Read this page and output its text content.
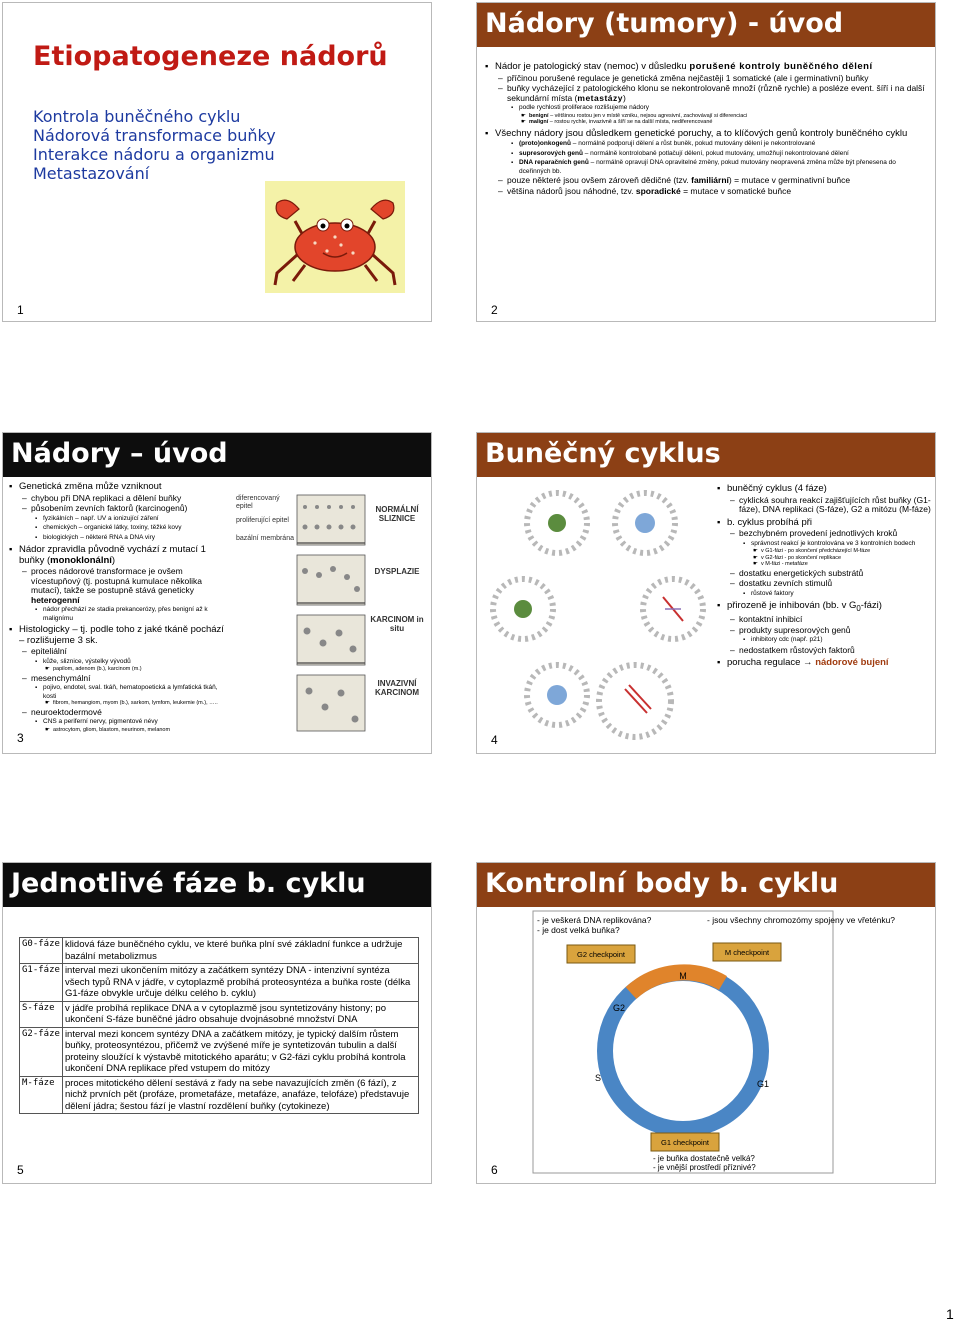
Etiopatogeneze nádorů
Kontrola buněčného cyklu
Nádorová transformace buňky
Interakce nádoru a organizmu
Metastazování
1
Nádory (tumory) - úvod

▪ Nádor je patologický stav (nemoc) v důsledku porušené kontroly buněčného dělení

– příčinou porušené regulace je genetická změna nejčastěji 1 somatické (ale i germinativní) buňky

– buňky vycházející z patologického klonu se nekontrolovaně množí (různě rychle) a posléze event. šíří i na další sekundární místa (metastázy)

▪ podle rychlosti proliferace rozlišujeme nádory

☛ benigní – většinou rostou jen v místě vzniku, nejsou agresivní, zachovávají si diferenciaci

☛ maligní – rostou rychle, invazivně a šíří se na další místa, nediferencované

▪ Všechny nádory jsou důsledkem genetické poruchy, a to klíčových genů kontroly buněčného cyklu

▪ (proto)onkogenů – normálně podporují dělení a růst buněk, pokud mutovány dělení je nekontrolované

▪ supresorových genů – normálně kontrolobaně potlačují dělení, pokud mutovány, umožňují nekontrolované dělení

▪ DNA reparačních genů – normálně opravují DNA opravitelné změny, pokud mutovány neopravená změna může být přenesena do dceřinných bb.

– pouze některé jsou ovšem zároveň dědičné (tzv. familiární) = mutace v germinativní buňce

– většina nádorů jsou náhodné, tzv. sporadické = mutace v somatické buňce

2
Nádory – úvod

▪ Genetická změna může vzniknout

– chybou při DNA replikaci a dělení buňky

– působením zevních faktorů (karcinogenů)

▪ fyzikálních – např. UV a ionizující záření

▪ chemických – organické látky, toxiny, těžké kovy

▪ biologických – některé RNA a DNA viry

▪ Nádor zpravidla původně vychází z mutací 1 buňky (monoklonální)

– proces nádorové transformace je ovšem vícestupňový (tj. postupná kumulace několika mutací), takže se postupně stává geneticky heterogenní

▪ nádor přechází ze stadia prekancerózy, přes benigní až k malignímu

▪ Histologicky – tj. podle toho z jaké tkáně pochází – rozlišujeme 3 sk.

– epiteliální

▪ kůže, sliznice, výstelky vývodů

☛ papilom, adenom (b.), karcinom (m.)

– mesenchymální

▪ pojivo, endotel, sval. tkáň, hematopoetická a lymfatická tkáň, kosti

☛ fibrom, hemangiom, myom (b.), sarkom, lymfom, leukemie (m.), …..

– neuroektodermové

▪ CNS a periferní nervy, pigmentové névy

☛ astrocytom, gliom, blastom, neurinom, melanom

diferencovaný epitel
proliferující epitel
bazální membrána
NORMÁLNÍ SLIZNICE
DYSPLAZIE
KARCINOM in situ
INVAZIVNÍ KARCINOM
3
Buněčný cyklus

▪ buněčný cyklus (4 fáze)

– cyklická souhra reakcí zajišťujících růst buňky (G1-fáze), DNA replikaci (S-fáze), G2 a mitózu (M-fáze)

▪ b. cyklus probíhá při

– bezchybném provedení jednotlivých kroků

▪ správnost reakcí je kontrolována ve 3 kontrolních bodech

☛ v G1-fázi - po skončení předcházející M-fáze

☛ v G2-fázi - po skončení replikace

☛ v M-fázi - metafáze

– dostatku energetických substrátů

– dostatku zevních stimulů

▪ růstové faktory

▪ přirozeně je inhibován (bb. v $G_0-fázi$)

– kontaktní inhibicí

– produkty supresorových genů

▪ inhibitory cdc (např. p21)

– nedostatkem růstových faktorů

▪ porucha regulace → nádorové bujení

4
Jednotlivé fáze b. cyklu
G0-fáze	klidová fáze buněčného cyklu, ve které buňka plní své základní funkce a udržuje bazální metabolizmus
G1-fáze	interval mezi ukončením mitózy a začátkem syntézy DNA - intenzivní syntéza všech typů RNA v jádře, v cytoplazmě probíhá proteosyntéza a buňka roste (délka G1-fáze obvykle určuje délku celého b. cyklu)
S-fáze	v jádře probíhá replikace DNA a v cytoplazmě jsou syntetizovány histony; po ukončení S-fáze buněčné jádro obsahuje dvojnásobné množství DNA
G2-fáze	interval mezi koncem syntézy DNA a začátkem mitózy, je typický dalším růstem buňky, proteosyntézou, přičemž ve zvýšené míře je syntetizován tubulin a další proteiny sloužící k výstavbě mitotického aparátu; v G2-fázi cyklu probíhá kontrola ukončení DNA replikace před vstupem do mitózy
M-fáze	proces mitotického dělení sestává z řady na sebe navazujících změn (6 fází), z nichž prvních pět (profáze, prometafáze, metafáze, anafáze, telofáze) představuje dělení jádra; šestou fází je vlastní rozdělení buňky (cytokineze)
5
Kontrolní body b. cyklu
- je veškerá DNA replikována?
- je dost velká buňka?
- jsou všechny chromozómy spojeny ve vřeténku?
G2 checkpoint	M checkpoint
G1 checkpoint
G2
M
S
G1
- je buňka dostatečně velká?
- je vnější prostředí příznivé?
6
1
